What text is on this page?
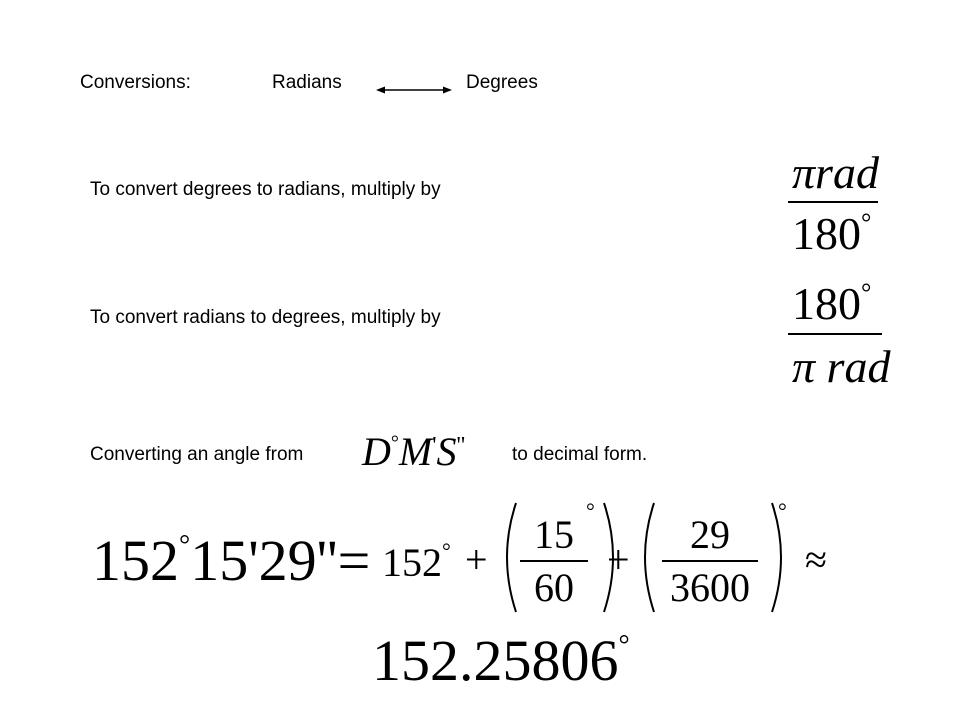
Conversions:	Radians	Degrees
To convert degrees to radians, multiply by	πrad
180°
To convert radians to degrees, multiply by	180°
π rad
Converting an angle from D°M'S'' to decimal form.
152°15'29''= 152° +
15
60
°
+
29
3600
°
≈
152.25806°
